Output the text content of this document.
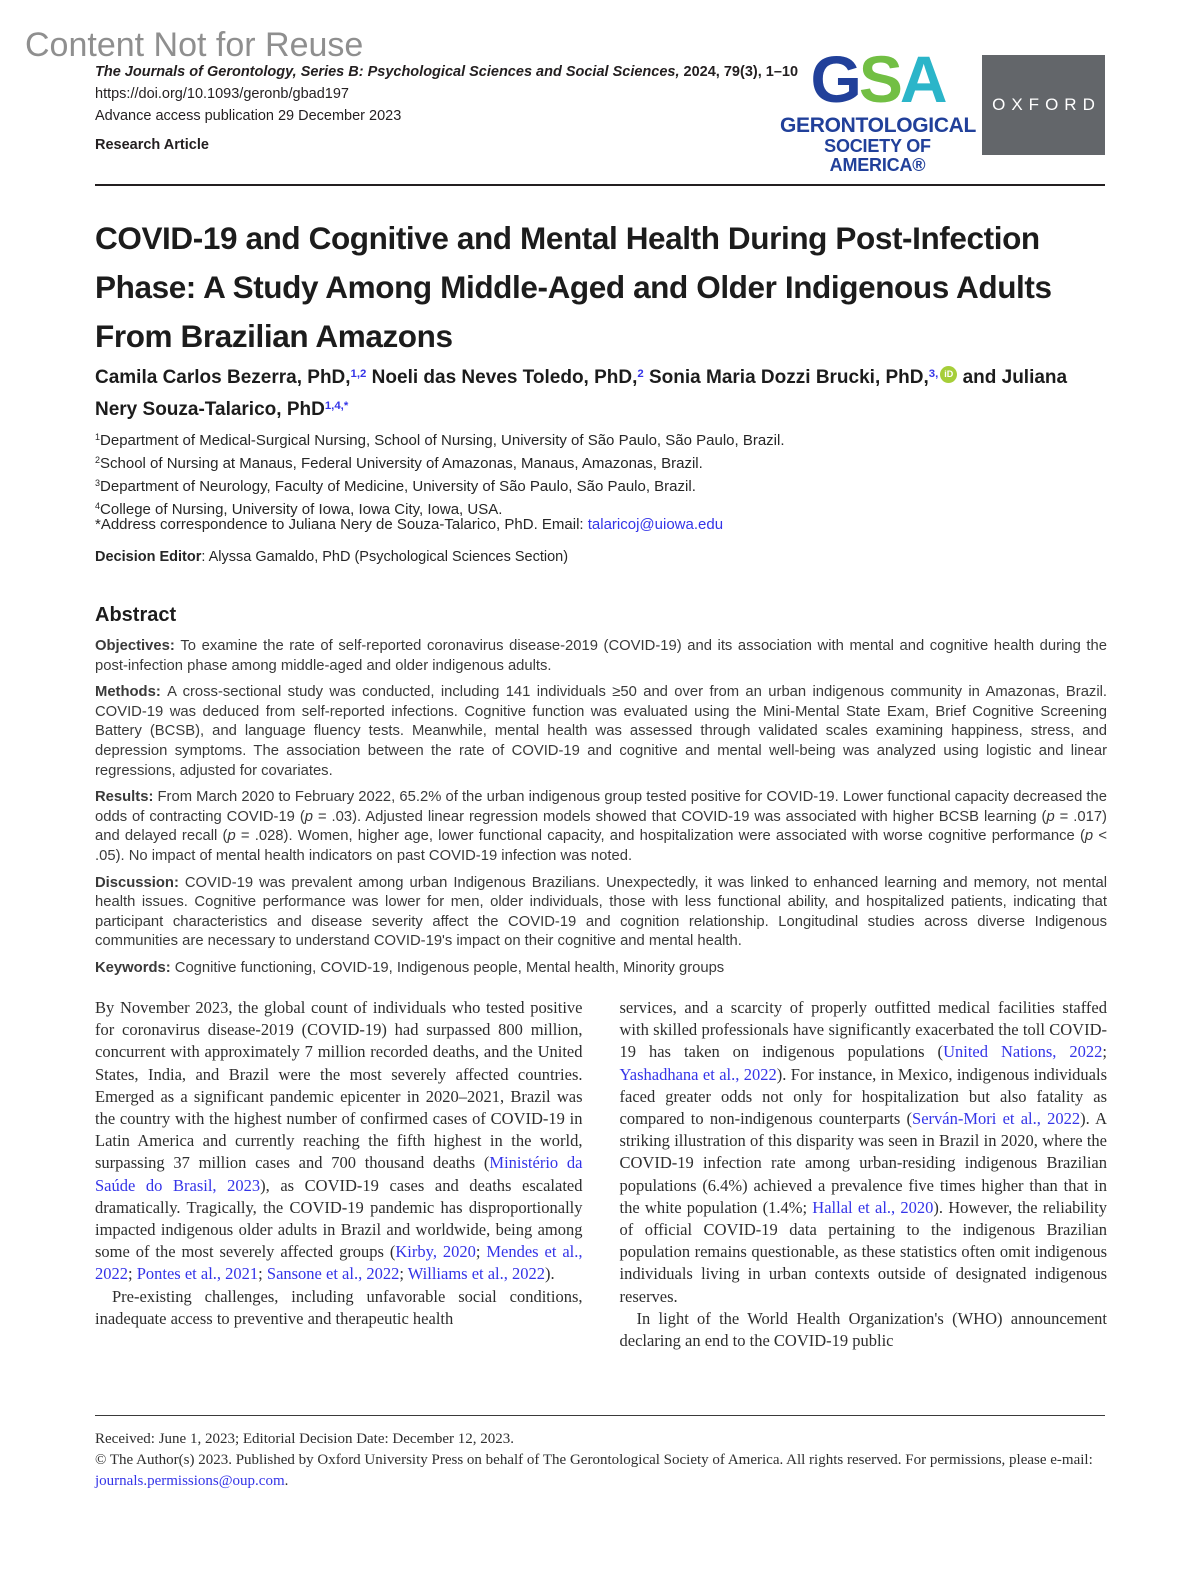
Content Not for Reuse
The Journals of Gerontology, Series B: Psychological Sciences and Social Sciences, 2024, 79(3), 1–10
https://doi.org/10.1093/geronb/gbad197
Advance access publication 29 December 2023
Research Article
GSA
GERONTOLOGICAL
SOCIETY OF AMERICA®
OXFORD
COVID-19 and Cognitive and Mental Health During Post-Infection Phase: A Study Among Middle-Aged and Older Indigenous Adults From Brazilian Amazons
Camila Carlos Bezerra, PhD,$^{1,2}$ Noeli das Neves Toledo, PhD,$^2$ Sonia Maria Dozzi Brucki, PhD,$^{3,}$ iD and Juliana Nery Souza-Talarico, PhD$^{1,4,*}$
$^1$Department of Medical-Surgical Nursing, School of Nursing, University of São Paulo, São Paulo, Brazil.
$^2$School of Nursing at Manaus, Federal University of Amazonas, Manaus, Amazonas, Brazil.
$^3$Department of Neurology, Faculty of Medicine, University of São Paulo, São Paulo, Brazil.
$^4$College of Nursing, University of Iowa, Iowa City, Iowa, USA.
*Address correspondence to Juliana Nery de Souza-Talarico, PhD. Email: talaricoj@uiowa.edu
Decision Editor: Alyssa Gamaldo, PhD (Psychological Sciences Section)
Abstract

Objectives: To examine the rate of self-reported coronavirus disease-2019 (COVID-19) and its association with mental and cognitive health during the post-infection phase among middle-aged and older indigenous adults.

Methods: A cross-sectional study was conducted, including 141 individuals ≥50 and over from an urban indigenous community in Amazonas, Brazil. COVID-19 was deduced from self-reported infections. Cognitive function was evaluated using the Mini-Mental State Exam, Brief Cognitive Screening Battery (BCSB), and language fluency tests. Meanwhile, mental health was assessed through validated scales examining happiness, stress, and depression symptoms. The association between the rate of COVID-19 and cognitive and mental well-being was analyzed using logistic and linear regressions, adjusted for covariates.

Results: From March 2020 to February 2022, 65.2% of the urban indigenous group tested positive for COVID-19. Lower functional capacity decreased the odds of contracting COVID-19 (p = .03). Adjusted linear regression models showed that COVID-19 was associated with higher BCSB learning (p = .017) and delayed recall (p = .028). Women, higher age, lower functional capacity, and hospitalization were associated with worse cognitive performance (p < .05). No impact of mental health indicators on past COVID-19 infection was noted.

Discussion: COVID-19 was prevalent among urban Indigenous Brazilians. Unexpectedly, it was linked to enhanced learning and memory, not mental health issues. Cognitive performance was lower for men, older individuals, those with less functional ability, and hospitalized patients, indicating that participant characteristics and disease severity affect the COVID-19 and cognition relationship. Longitudinal studies across diverse Indigenous communities are necessary to understand COVID-19's impact on their cognitive and mental health.

Keywords: Cognitive functioning, COVID-19, Indigenous people, Mental health, Minority groups

By November 2023, the global count of individuals who tested positive for coronavirus disease-2019 (COVID-19) had surpassed 800 million, concurrent with approximately 7 million recorded deaths, and the United States, India, and Brazil were the most severely affected countries. Emerged as a significant pandemic epicenter in 2020–2021, Brazil was the country with the highest number of confirmed cases of COVID-19 in Latin America and currently reaching the fifth highest in the world, surpassing 37 million cases and 700 thousand deaths (Ministério da Saúde do Brasil, 2023), as COVID-19 cases and deaths escalated dramatically. Tragically, the COVID-19 pandemic has disproportionally impacted indigenous older adults in Brazil and worldwide, being among some of the most severely affected groups (Kirby, 2020; Mendes et al., 2022; Pontes et al., 2021; Sansone et al., 2022; Williams et al., 2022).

Pre-existing challenges, including unfavorable social conditions, inadequate access to preventive and therapeutic health

services, and a scarcity of properly outfitted medical facilities staffed with skilled professionals have significantly exacerbated the toll COVID-19 has taken on indigenous populations (United Nations, 2022; Yashadhana et al., 2022). For instance, in Mexico, indigenous individuals faced greater odds not only for hospitalization but also fatality as compared to non-indigenous counterparts (Serván-Mori et al., 2022). A striking illustration of this disparity was seen in Brazil in 2020, where the COVID-19 infection rate among urban-residing indigenous Brazilian populations (6.4%) achieved a prevalence five times higher than that in the white population (1.4%; Hallal et al., 2020). However, the reliability of official COVID-19 data pertaining to the indigenous Brazilian population remains questionable, as these statistics often omit indigenous individuals living in urban contexts outside of designated indigenous reserves.

In light of the World Health Organization's (WHO) announcement declaring an end to the COVID-19 public

Received: June 1, 2023; Editorial Decision Date: December 12, 2023.
© The Author(s) 2023. Published by Oxford University Press on behalf of The Gerontological Society of America. All rights reserved. For permissions, please e-mail: journals.permissions@oup.com.
